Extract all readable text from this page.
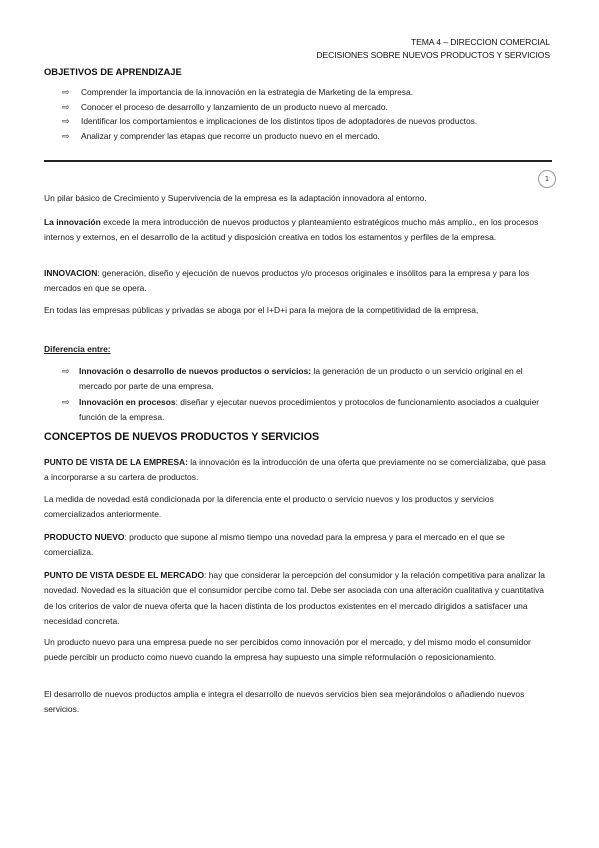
TEMA 4 – DIRECCION COMERCIAL
DECISIONES SOBRE NUEVOS PRODUCTOS Y SERVICIOS
OBJETIVOS DE APRENDIZAJE
⇨ Comprender la importancia de la innovación en la estrategia de Marketing de la empresa.
⇨ Conocer el proceso de desarrollo y lanzamiento de un producto nuevo al mercado.
⇨ Identificar los comportamientos e implicaciones de los distintos tipos de adoptadores de nuevos productos.
⇨ Analizar y comprender las etapas que recorre un producto nuevo en el mercado.
1

Un pilar básico de Crecimiento y Supervivencia de la empresa es la adaptación innovadora al entorno.

La innovación excede la mera introducción de nuevos productos y planteamiento estratégicos mucho más amplio., en los procesos internos y externos, en el desarrollo de la actitud y disposición creativa en todos los estamentos y perfiles de la empresa.

INNOVACION: generación, diseño y ejecución de nuevos productos y/o procesos originales e insólitos para la empresa y para los mercados en que se opera.

En todas las empresas públicas y privadas se aboga por el I+D+i para la mejora de la competitividad de la empresa,

Diferencia entre:

⇨ Innovación o desarrollo de nuevos productos o servicios: la generación de un producto o un servicio original en el mercado por parte de una empresa.
⇨ Innovación en procesos: diseñar y ejecutar nuevos procedimientos y protocolos de funcionamiento asociados a cualquier función de la empresa.
CONCEPTOS DE NUEVOS PRODUCTOS Y SERVICIOS

PUNTO DE VISTA DE LA EMPRESA: la innovación es la introducción de una oferta que previamente no se comercializaba, que pasa a incorporarse a su cartera de productos.

La medida de novedad está condicionada por la diferencia ente el producto o servicio nuevos y los productos y servicios comercializados anteriormente.

PRODUCTO NUEVO: producto que supone al mismo tiempo una novedad para la empresa y para el mercado en el que se comercializa.

PUNTO DE VISTA DESDE EL MERCADO: hay que considerar la percepción del consumidor y la relación competitiva para analizar la novedad. Novedad es la situación que el consumidor percibe como tal. Debe ser asociada con una alteración cualitativa y cuantitativa de los criterios de valor de nueva oferta que la hacen distinta de los productos existentes en el mercado dirigidos a satisfacer una necesidad concreta.

Un producto nuevo para una empresa puede no ser percibidos como innovación por el mercado, y del mismo modo el consumidor puede percibir un producto como nuevo cuando la empresa hay supuesto una simple reformulación o reposicionamiento.

El desarrollo de nuevos productos amplia e integra el desarrollo de nuevos servicios bien sea mejorándolos o añadiendo nuevos servicios.
